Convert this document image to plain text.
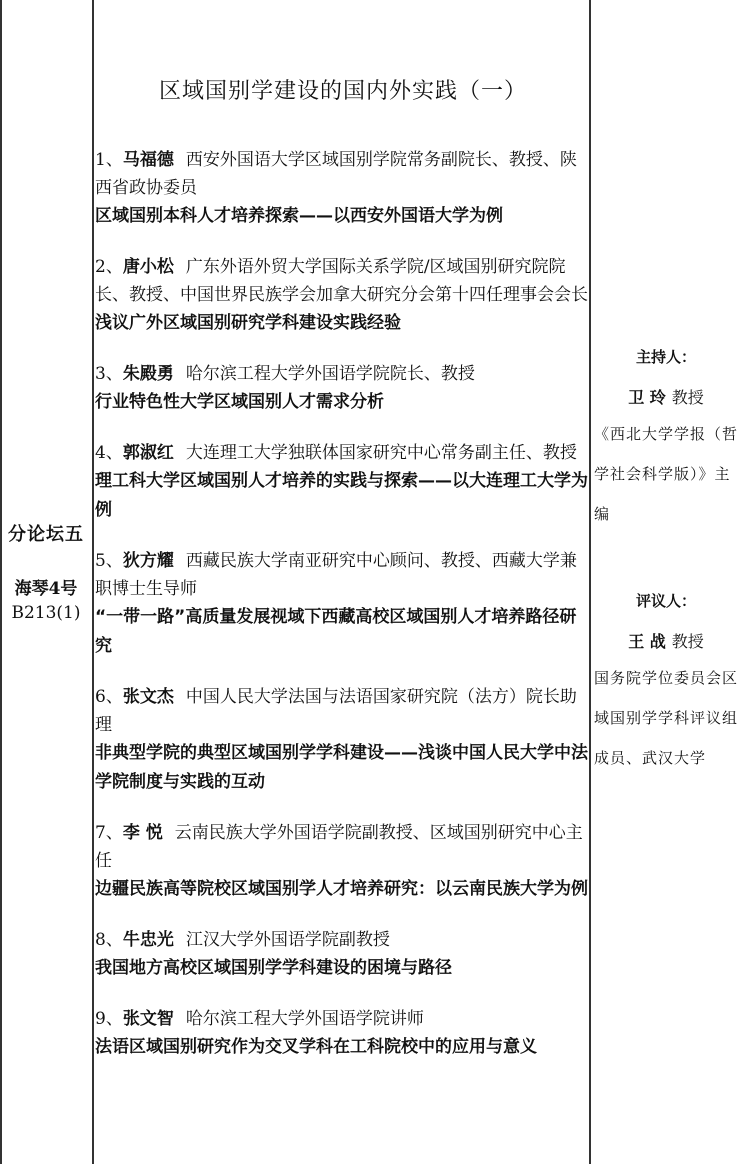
分论坛五
海琴4号
B213(1)
区域国别学建设的国内外实践（一）
1、马福德 西安外国语大学区域国别学院常务副院长、教授、陕西省政协委员
区域国别本科人才培养探索——以西安外国语大学为例
2、唐小松 广东外语外贸大学国际关系学院/区域国别研究院院长、教授、中国世界民族学会加拿大研究分会第十四任理事会会长
浅议广外区域国别研究学科建设实践经验
3、朱殿勇 哈尔滨工程大学外国语学院院长、教授
行业特色性大学区域国别人才需求分析
4、郭淑红 大连理工大学独联体国家研究中心常务副主任、教授
理工科大学区域国别人才培养的实践与探索——以大连理工大学为例
5、狄方耀 西藏民族大学南亚研究中心顾问、教授、西藏大学兼职博士生导师
“一带一路”高质量发展视域下西藏高校区域国别人才培养路径研究
6、张文杰 中国人民大学法国与法语国家研究院（法方）院长助理
非典型学院的典型区域国别学学科建设——浅谈中国人民大学中法学院制度与实践的互动
7、李 悦 云南民族大学外国语学院副教授、区域国别研究中心主任
边疆民族高等院校区域国别学人才培养研究：以云南民族大学为例
8、牛忠光 江汉大学外国语学院副教授
我国地方高校区域国别学学科建设的困境与路径
9、张文智 哈尔滨工程大学外国语学院讲师
法语区域国别研究作为交叉学科在工科院校中的应用与意义
主持人：
卫 玲 教授
《西北大学学报（哲学社会科学版）》主编
评议人：
王 战 教授
国务院学位委员会区域国别学学科评议组成员、武汉大学
